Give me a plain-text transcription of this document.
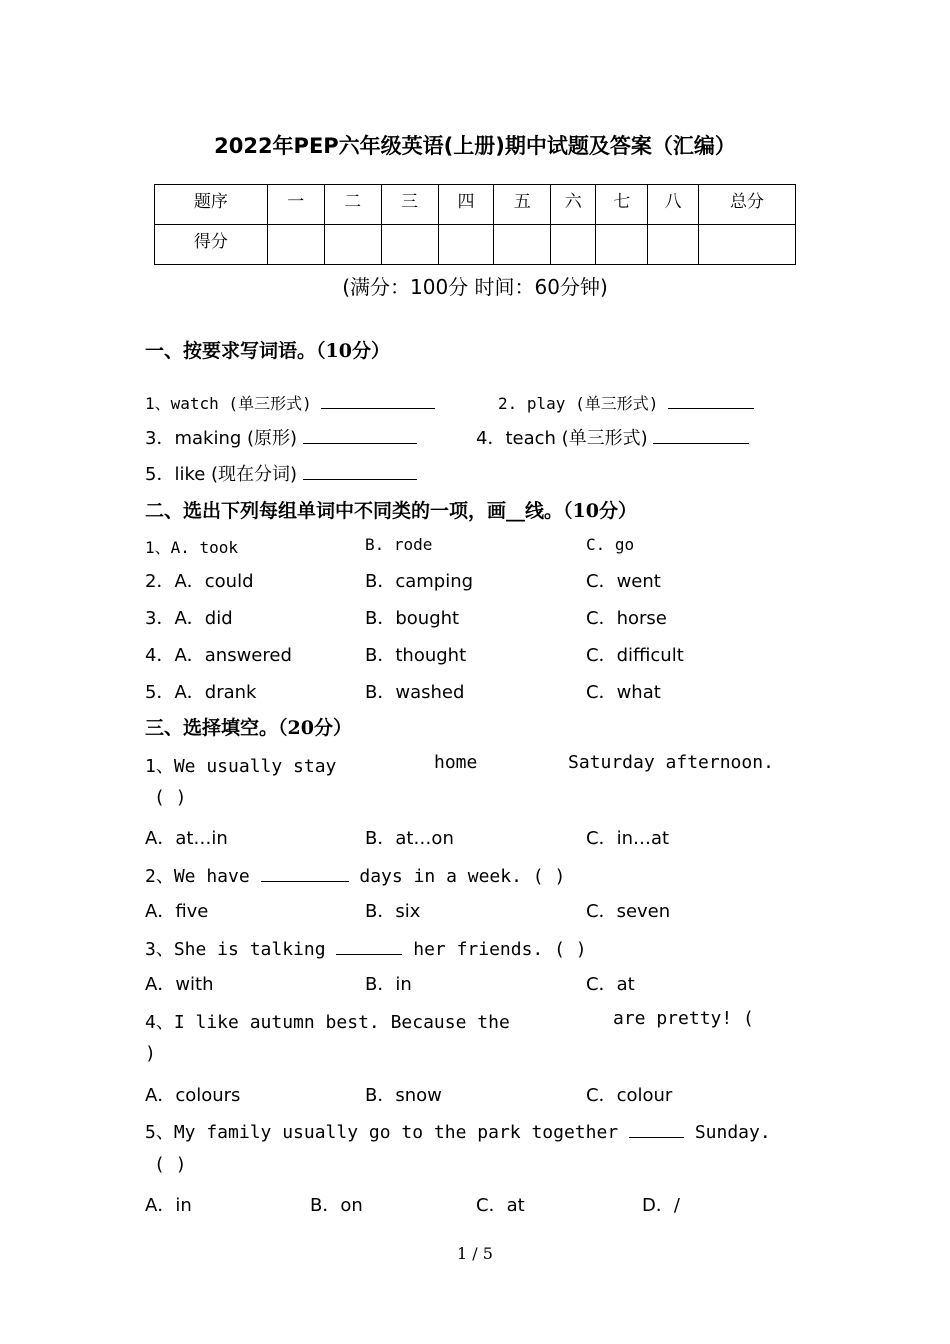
2022年PEP六年级英语(上册)期中试题及答案（汇编）
题序	一	二	三	四	五	六	七	八	总分
得分									
(满分：100分 时间：60分钟)
一、按要求写词语。（10分）
1、watch (单三形式)	2. play (单三形式)
3．making (原形)	4．teach (单三形式)
5．like (现在分词)
二、选出下列每组单词中不同类的一项，画__线。（10分）
1、A. took	B. rode	C. go
2．A．could	B．camping	C．went
3．A．did	B．bought	C．horse
4．A．answered	B．thought	C．difficult
5．A．drank	B．washed	C．what
三、选择填空。（20分）
1、We usually stay	home	Saturday afternoon.
( )
A．at…in	B．at…on	C．in…at
2、We have	days in a week. ( )
A．five	B．six	C．seven
3、She is talking	her friends. ( )
A．with	B．in	C．at
4、I like autumn best. Because the	are pretty! (
)
A．colours	B．snow	C．colour
5、My family usually go to the park together	Sunday.
( )
A．in	B．on	C．at	D．/
1 / 5
